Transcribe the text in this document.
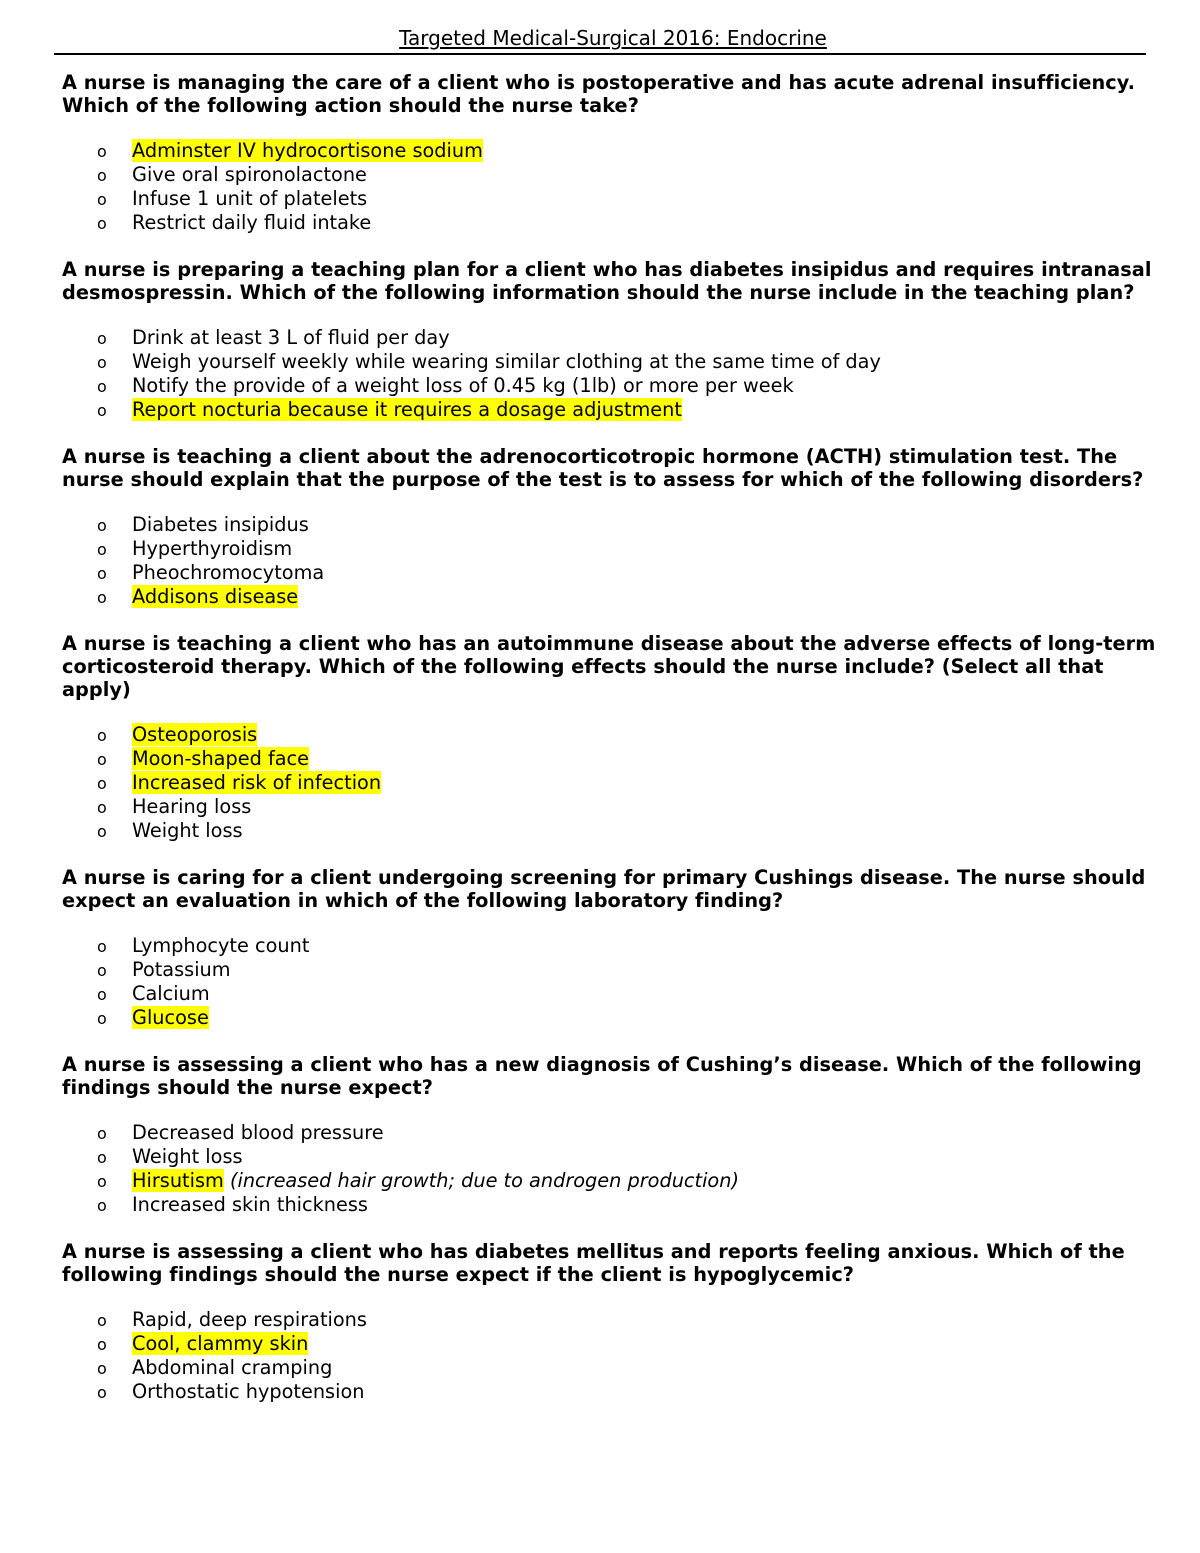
Targeted Medical-Surgical 2016: Endocrine

A nurse is managing the care of a client who is postoperative and has acute adrenal insufficiency. Which of the following action should the nurse take?

o Adminster IV hydrocortisone sodium
o Give oral spironolactone
o Infuse 1 unit of platelets
o Restrict daily fluid intake

A nurse is preparing a teaching plan for a client who has diabetes insipidus and requires intranasal desmospressin. Which of the following information should the nurse include in the teaching plan?

o Drink at least 3 L of fluid per day
o Weigh yourself weekly while wearing similar clothing at the same time of day
o Notify the provide of a weight loss of 0.45 kg (1lb) or more per week
o Report nocturia because it requires a dosage adjustment

A nurse is teaching a client about the adrenocorticotropic hormone (ACTH) stimulation test. The nurse should explain that the purpose of the test is to assess for which of the following disorders?

o Diabetes insipidus
o Hyperthyroidism
o Pheochromocytoma
o Addisons disease

A nurse is teaching a client who has an autoimmune disease about the adverse effects of long-term corticosteroid therapy. Which of the following effects should the nurse include? (Select all that apply)

o Osteoporosis
o Moon-shaped face
o Increased risk of infection
o Hearing loss
o Weight loss

A nurse is caring for a client undergoing screening for primary Cushings disease. The nurse should expect an evaluation in which of the following laboratory finding?

o Lymphocyte count
o Potassium
o Calcium
o Glucose

A nurse is assessing a client who has a new diagnosis of Cushing’s disease. Which of the following findings should the nurse expect?

o Decreased blood pressure
o Weight loss
o Hirsutism (increased hair growth; due to androgen production)
o Increased skin thickness

A nurse is assessing a client who has diabetes mellitus and reports feeling anxious. Which of the following findings should the nurse expect if the client is hypoglycemic?

o Rapid, deep respirations
o Cool, clammy skin
o Abdominal cramping
o Orthostatic hypotension
